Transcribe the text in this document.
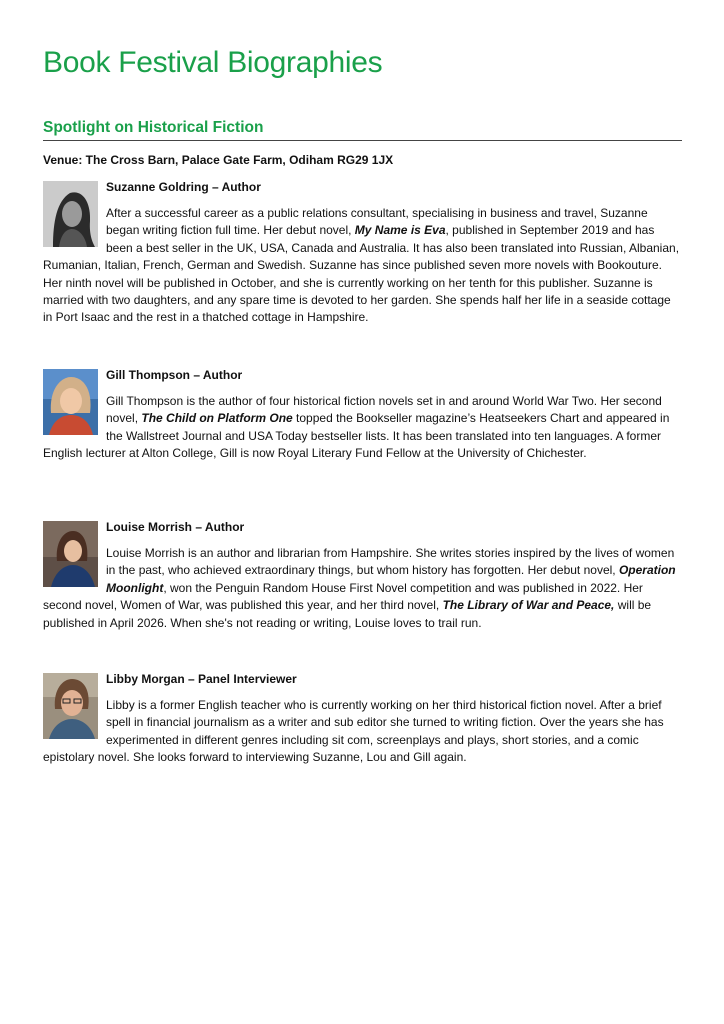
Book Festival Biographies
Spotlight on Historical Fiction

Venue: The Cross Barn, Palace Gate Farm, Odiham RG29 1JX

Suzanne Goldring – Author

After a successful career as a public relations consultant, specialising in business and travel, Suzanne began writing fiction full time. Her debut novel, My Name is Eva, published in September 2019 and has been a best seller in the UK, USA, Canada and Australia. It has also been translated into Russian, Albanian, Rumanian, Italian, French, German and Swedish. Suzanne has since published seven more novels with Bookouture. Her ninth novel will be published in October, and she is currently working on her tenth for this publisher. Suzanne is married with two daughters, and any spare time is devoted to her garden. She spends half her life in a seaside cottage in Port Isaac and the rest in a thatched cottage in Hampshire.

Gill Thompson – Author

Gill Thompson is the author of four historical fiction novels set in and around World War Two. Her second novel, The Child on Platform One topped the Bookseller magazine’s Heatseekers Chart and appeared in the Wallstreet Journal and USA Today bestseller lists. It has been translated into ten languages. A former English lecturer at Alton College, Gill is now Royal Literary Fund Fellow at the University of Chichester.

Louise Morrish – Author

Louise Morrish is an author and librarian from Hampshire. She writes stories inspired by the lives of women in the past, who achieved extraordinary things, but whom history has forgotten. Her debut novel, Operation Moonlight, won the Penguin Random House First Novel competition and was published in 2022. Her second novel, Women of War, was published this year, and her third novel, The Library of War and Peace, will be published in April 2026. When she's not reading or writing, Louise loves to trail run.

Libby Morgan – Panel Interviewer

Libby is a former English teacher who is currently working on her third historical fiction novel. After a brief spell in financial journalism as a writer and sub editor she turned to writing fiction. Over the years she has experimented in different genres including sit com, screenplays and plays, short stories, and a comic epistolary novel. She looks forward to interviewing Suzanne, Lou and Gill again.
